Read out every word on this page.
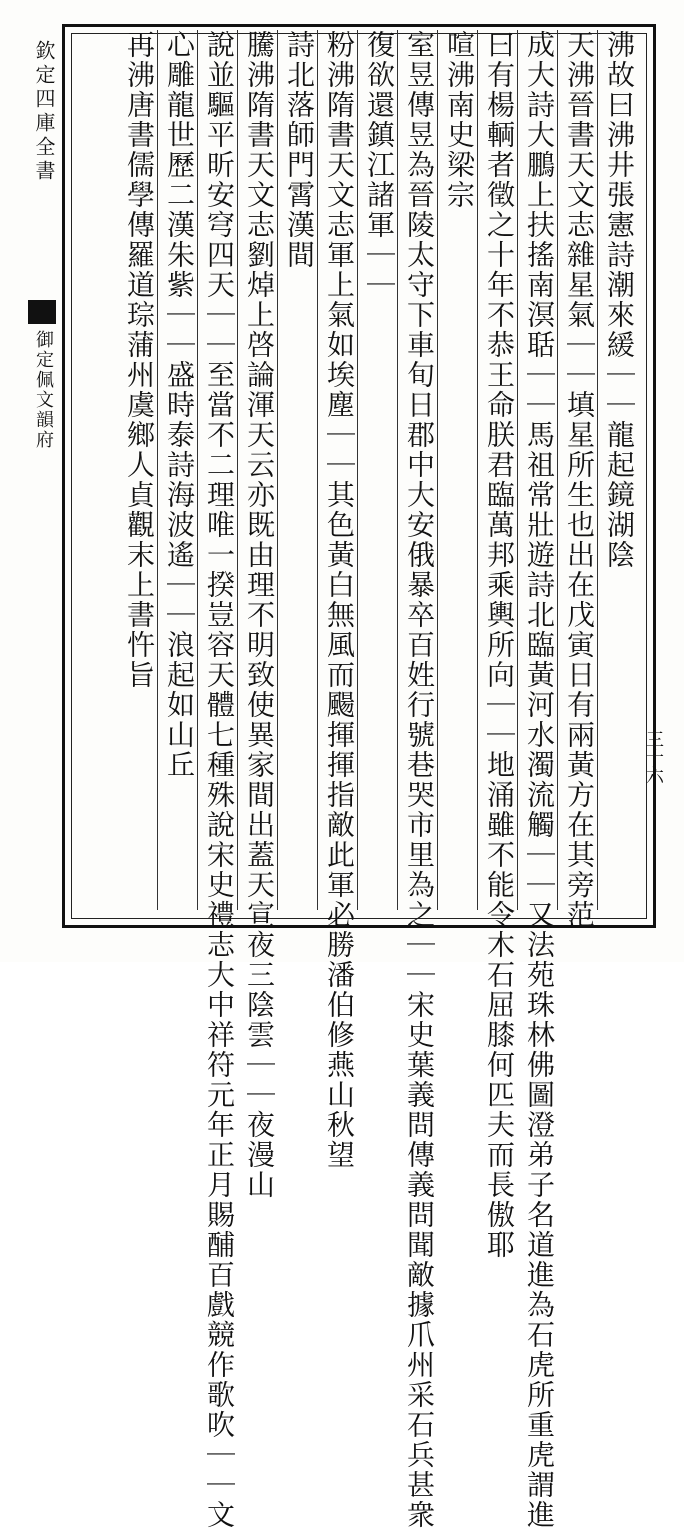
欽定四庫全書
御定佩文韻府
三十六
沸故曰沸井張憲詩潮來緩｜｜龍起鏡湖陰
天沸晉書天文志雜星氣｜｜填星所生也出在戊寅日有兩黃方在其旁范
成大詩大鵬上扶搖南溟聒｜｜馬祖常壯遊詩北臨黃河水濁流觸｜｜又法苑珠林佛圖澄弟子名道進為石虎所重虎謂進
曰有楊輌者徵之十年不恭王命朕君臨萬邦乘輿所向｜｜地涌雖不能令木石屈膝何匹夫而長傲耶
喧沸南史梁宗
室昱傳昱為晉陵太守下車旬日郡中大安俄暴卒百姓行號巷哭市里為之｜｜宋史葉義問傳義問聞敵據爪州采石兵甚衆
復欲還鎮江諸軍｜｜
粉沸隋書天文志軍上氣如埃塵｜｜其色黃白無風而颺揮揮指敵此軍必勝潘伯修燕山秋望
詩北落師門霄漢間
騰沸隋書天文志劉焯上啓論渾天云亦既由理不明致使異家間出蓋天宣夜三陰雲｜｜夜漫山
說並驅平昕安穹四天｜｜至當不二理唯一揆豈容天體七種殊說宋史禮志大中祥符元年正月賜酺百戲競作歌吹｜｜文
心雕龍世歷二漢朱紫｜｜盛時泰詩海波遙｜｜浪起如山丘
再沸唐書儒學傳羅道琮蒲州虞鄉人貞觀末上書忤旨
